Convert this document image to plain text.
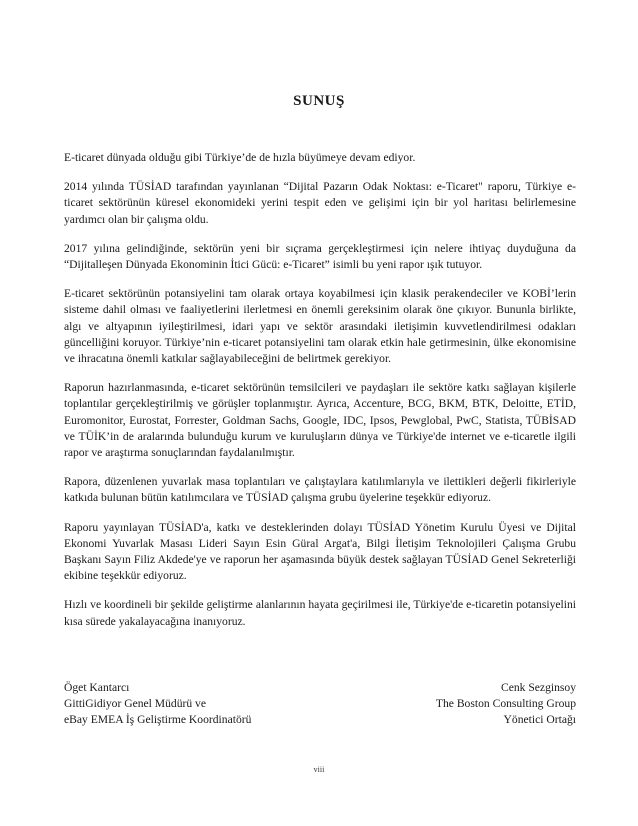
SUNUŞ

E-ticaret dünyada olduğu gibi Türkiye’de de hızla büyümeye devam ediyor.

2014 yılında TÜSİAD tarafından yayınlanan “Dijital Pazarın Odak Noktası: e-Ticaret" raporu, Türkiye e-ticaret sektörünün küresel ekonomideki yerini tespit eden ve gelişimi için bir yol haritası belirlemesine yardımcı olan bir çalışma oldu.

2017 yılına gelindiğinde, sektörün yeni bir sıçrama gerçekleştirmesi için nelere ihtiyaç duyduğuna da “Dijitalleşen Dünyada Ekonominin İtici Gücü: e-Ticaret” isimli bu yeni rapor ışık tutuyor.

E-ticaret sektörünün potansiyelini tam olarak ortaya koyabilmesi için klasik perakendeciler ve KOBİ’lerin sisteme dahil olması ve faaliyetlerini ilerletmesi en önemli gereksinim olarak öne çıkıyor. Bununla birlikte, algı ve altyapının iyileştirilmesi, idari yapı ve sektör arasındaki iletişimin kuvvetlendirilmesi odakları güncelliğini koruyor. Türkiye’nin e-ticaret potansiyelini tam olarak etkin hale getirmesinin, ülke ekonomisine ve ihracatına önemli katkılar sağlayabileceğini de belirtmek gerekiyor.

Raporun hazırlanmasında, e-ticaret sektörünün temsilcileri ve paydaşları ile sektöre katkı sağlayan kişilerle toplantılar gerçekleştirilmiş ve görüşler toplanmıştır. Ayrıca, Accenture, BCG, BKM, BTK, Deloitte, ETİD, Euromonitor, Eurostat, Forrester, Goldman Sachs, Google, IDC, Ipsos, Pewglobal, PwC, Statista, TÜBİSAD ve TÜİK’in de aralarında bulunduğu kurum ve kuruluşların dünya ve Türkiye'de internet ve e-ticaretle ilgili rapor ve araştırma sonuçlarından faydalanılmıştır.

Rapora, düzenlenen yuvarlak masa toplantıları ve çalıştaylara katılımlarıyla ve ilettikleri değerli fikirleriyle katkıda bulunan bütün katılımcılara ve TÜSİAD çalışma grubu üyelerine teşekkür ediyoruz.

Raporu yayınlayan TÜSİAD'a, katkı ve desteklerinden dolayı TÜSİAD Yönetim Kurulu Üyesi ve Dijital Ekonomi Yuvarlak Masası Lideri Sayın Esin Güral Argat'a, Bilgi İletişim Teknolojileri Çalışma Grubu Başkanı Sayın Filiz Akdede'ye ve raporun her aşamasında büyük destek sağlayan TÜSİAD Genel Sekreterliği ekibine teşekkür ediyoruz.

Hızlı ve koordineli bir şekilde geliştirme alanlarının hayata geçirilmesi ile, Türkiye'de e-ticaretin potansiyelini kısa sürede yakalayacağına inanıyoruz.

Öget Kantarcı
GittiGidiyor Genel Müdürü ve
eBay EMEA İş Geliştirme Koordinatörü
Cenk Sezginsoy
The Boston Consulting Group
Yönetici Ortağı
viii
